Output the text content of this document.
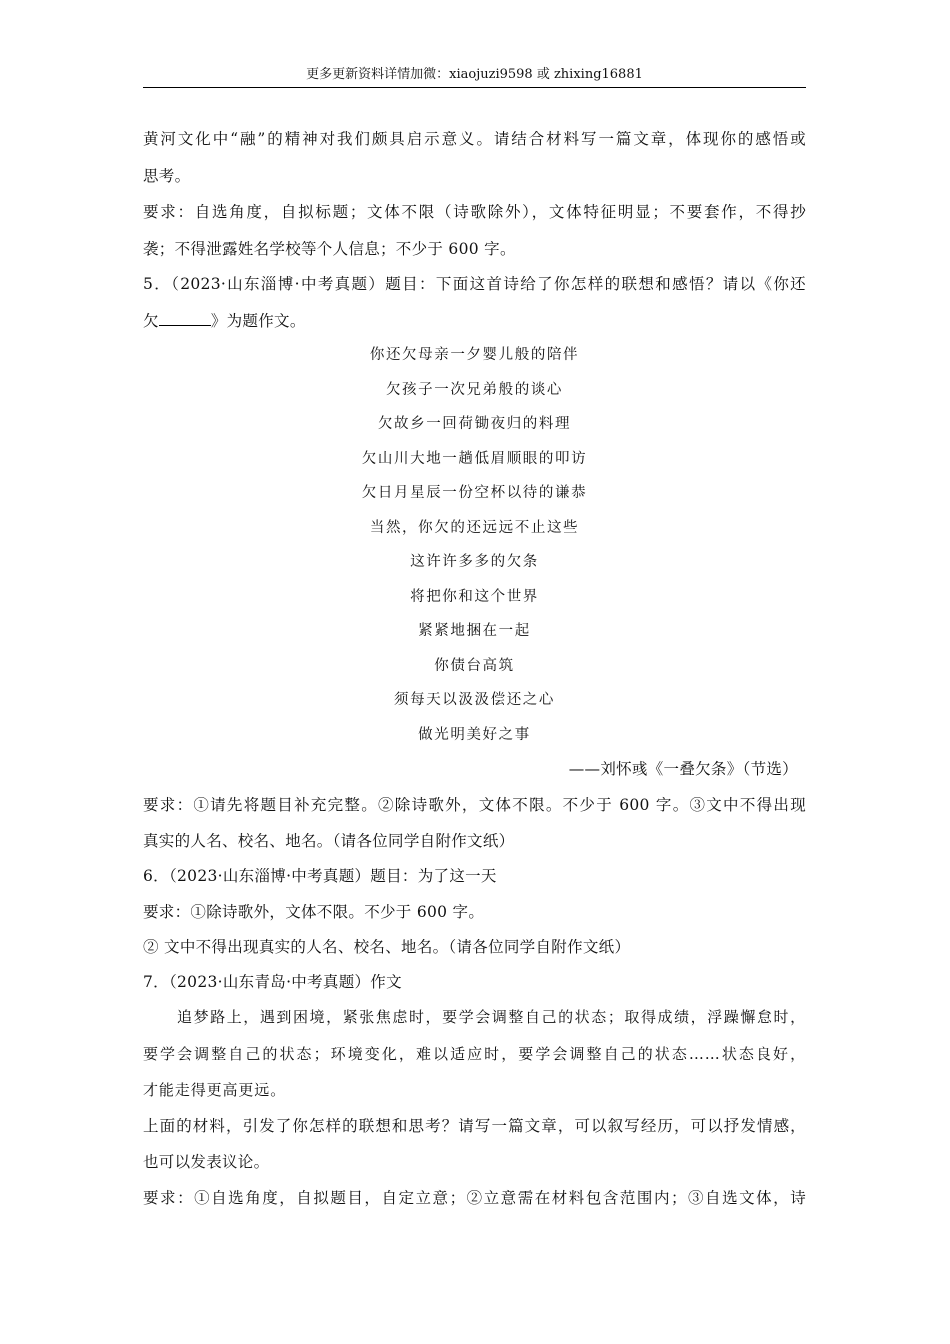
更多更新资料详情加微：xiaojuzi9598 或 zhixing16881
黄河文化中“融”的精神对我们颇具启示意义。请结合材料写一篇文章，体现你的感悟或
思考。
要求：自选角度，自拟标题；文体不限（诗歌除外），文体特征明显；不要套作，不得抄
袭；不得泄露姓名学校等个人信息；不少于 600 字。
5．（2023·山东淄博·中考真题）题目：下面这首诗给了你怎样的联想和感悟？请以《你还
欠	》为题作文。
你还欠母亲一夕婴儿般的陪伴
欠孩子一次兄弟般的谈心
欠故乡一回荷锄夜归的料理
欠山川大地一趟低眉顺眼的叩访
欠日月星辰一份空杯以待的谦恭
当然，你欠的还远远不止这些
这许许多多的欠条
将把你和这个世界
紧紧地捆在一起
你债台高筑
须每天以汲汲偿还之心
做光明美好之事
——刘怀彧《一叠欠条》（节选）
要求：①请先将题目补充完整。②除诗歌外，文体不限。不少于 600 字。③文中不得出现
真实的人名、校名、地名。（请各位同学自附作文纸）
6．（2023·山东淄博·中考真题）题目：为了这一天
要求：①除诗歌外，文体不限。不少于 600 字。
② 文中不得出现真实的人名、校名、地名。（请各位同学自附作文纸）
7．（2023·山东青岛·中考真题）作文
追梦路上，遇到困境，紧张焦虑时，要学会调整自己的状态；取得成绩，浮躁懈怠时，
要学会调整自己的状态；环境变化，难以适应时，要学会调整自己的状态……状态良好，
才能走得更高更远。
上面的材料，引发了你怎样的联想和思考？请写一篇文章，可以叙写经历，可以抒发情感，
也可以发表议论。
要求：①自选角度，自拟题目，自定立意；②立意需在材料包含范围内；③自选文体，诗
